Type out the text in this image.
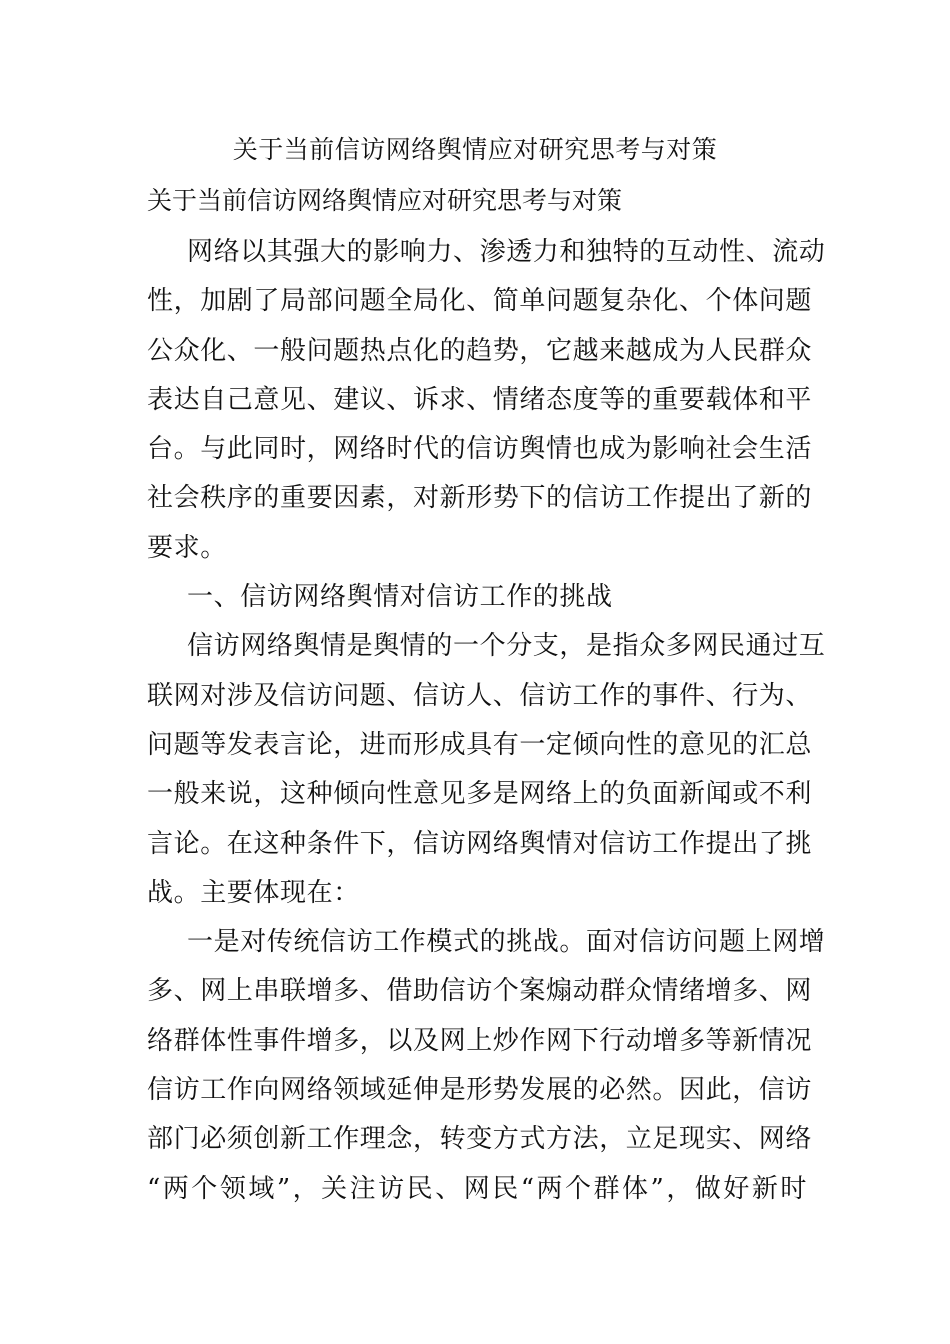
关于当前信访网络舆情应对研究思考与对策
关于当前信访网络舆情应对研究思考与对策
网络以其强大的影响力、渗透力和独特的互动性、流动
性，加剧了局部问题全局化、简单问题复杂化、个体问题
公众化、一般问题热点化的趋势，它越来越成为人民群众
表达自己意见、建议、诉求、情绪态度等的重要载体和平
台。与此同时，网络时代的信访舆情也成为影响社会生活
社会秩序的重要因素，对新形势下的信访工作提出了新的
要求。
一、信访网络舆情对信访工作的挑战
信访网络舆情是舆情的一个分支，是指众多网民通过互
联网对涉及信访问题、信访人、信访工作的事件、行为、
问题等发表言论，进而形成具有一定倾向性的意见的汇总
一般来说，这种倾向性意见多是网络上的负面新闻或不利
言论。在这种条件下，信访网络舆情对信访工作提出了挑
战。主要体现在：
一是对传统信访工作模式的挑战。面对信访问题上网增
多、网上串联增多、借助信访个案煽动群众情绪增多、网
络群体性事件增多，以及网上炒作网下行动增多等新情况
信访工作向网络领域延伸是形势发展的必然。因此，信访
部门必须创新工作理念，转变方式方法，立足现实、网络
“两个领域”，关注访民、网民“两个群体”，做好新时
